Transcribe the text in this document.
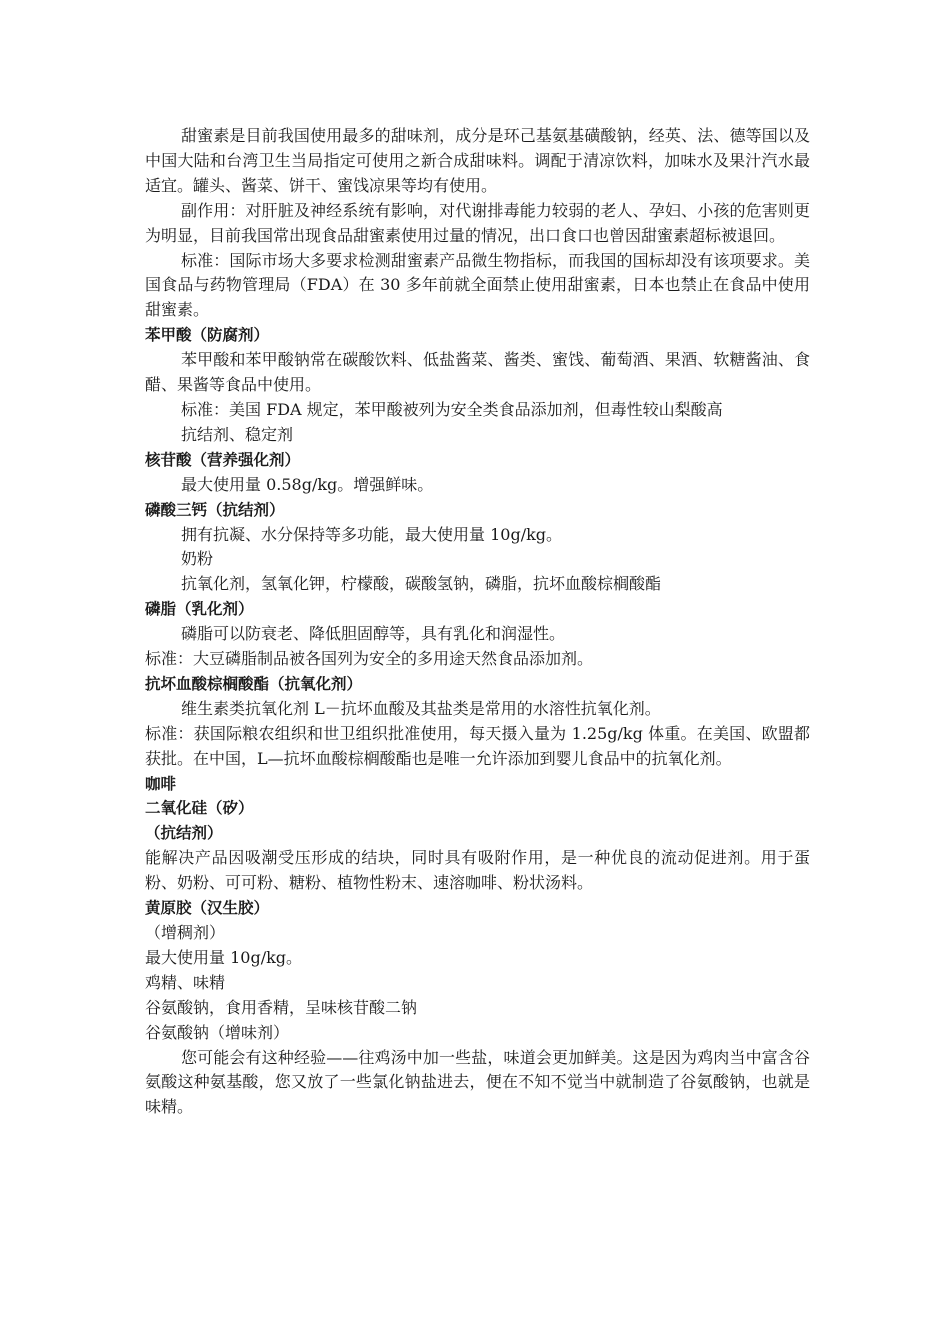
甜蜜素是目前我国使用最多的甜味剂，成分是环己基氨基磺酸钠，经英、法、德等国以及中国大陆和台湾卫生当局指定可使用之新合成甜味料。调配于清凉饮料，加味水及果汁汽水最适宜。罐头、酱菜、饼干、蜜饯凉果等均有使用。

副作用：对肝脏及神经系统有影响，对代谢排毒能力较弱的老人、孕妇、小孩的危害则更为明显，目前我国常出现食品甜蜜素使用过量的情况，出口食口也曾因甜蜜素超标被退回。

标准：国际市场大多要求检测甜蜜素产品微生物指标，而我国的国标却没有该项要求。美国食品与药物管理局（FDA）在 30 多年前就全面禁止使用甜蜜素，日本也禁止在食品中使用甜蜜素。

苯甲酸（防腐剂）

苯甲酸和苯甲酸钠常在碳酸饮料、低盐酱菜、酱类、蜜饯、葡萄酒、果酒、软糖酱油、食醋、果酱等食品中使用。

标准：美国 FDA 规定，苯甲酸被列为安全类食品添加剂，但毒性较山梨酸高

抗结剂、稳定剂

核苷酸（营养强化剂）

最大使用量 0.58g/kg。增强鲜味。

磷酸三钙（抗结剂）

拥有抗凝、水分保持等多功能，最大使用量 10g/kg。

奶粉

抗氧化剂，氢氧化钾，柠檬酸，碳酸氢钠，磷脂，抗坏血酸棕榈酸酯

磷脂（乳化剂）

磷脂可以防衰老、降低胆固醇等，具有乳化和润湿性。

标准：大豆磷脂制品被各国列为安全的多用途天然食品添加剂。

抗坏血酸棕榈酸酯（抗氧化剂）

维生素类抗氧化剂 L－抗坏血酸及其盐类是常用的水溶性抗氧化剂。

标准：获国际粮农组织和世卫组织批准使用，每天摄入量为 1.25g/kg 体重。在美国、欧盟都获批。在中国，L—抗坏血酸棕榈酸酯也是唯一允许添加到婴儿食品中的抗氧化剂。

咖啡

二氧化硅（矽）

（抗结剂）

能解决产品因吸潮受压形成的结块，同时具有吸附作用，是一种优良的流动促进剂。用于蛋粉、奶粉、可可粉、糖粉、植物性粉末、速溶咖啡、粉状汤料。

黄原胶（汉生胶）

（增稠剂）

最大使用量 10g/kg。

鸡精、味精

谷氨酸钠，食用香精，呈味核苷酸二钠

谷氨酸钠（增味剂）

您可能会有这种经验——往鸡汤中加一些盐，味道会更加鲜美。这是因为鸡肉当中富含谷氨酸这种氨基酸，您又放了一些氯化钠盐进去，便在不知不觉当中就制造了谷氨酸钠，也就是味精。
